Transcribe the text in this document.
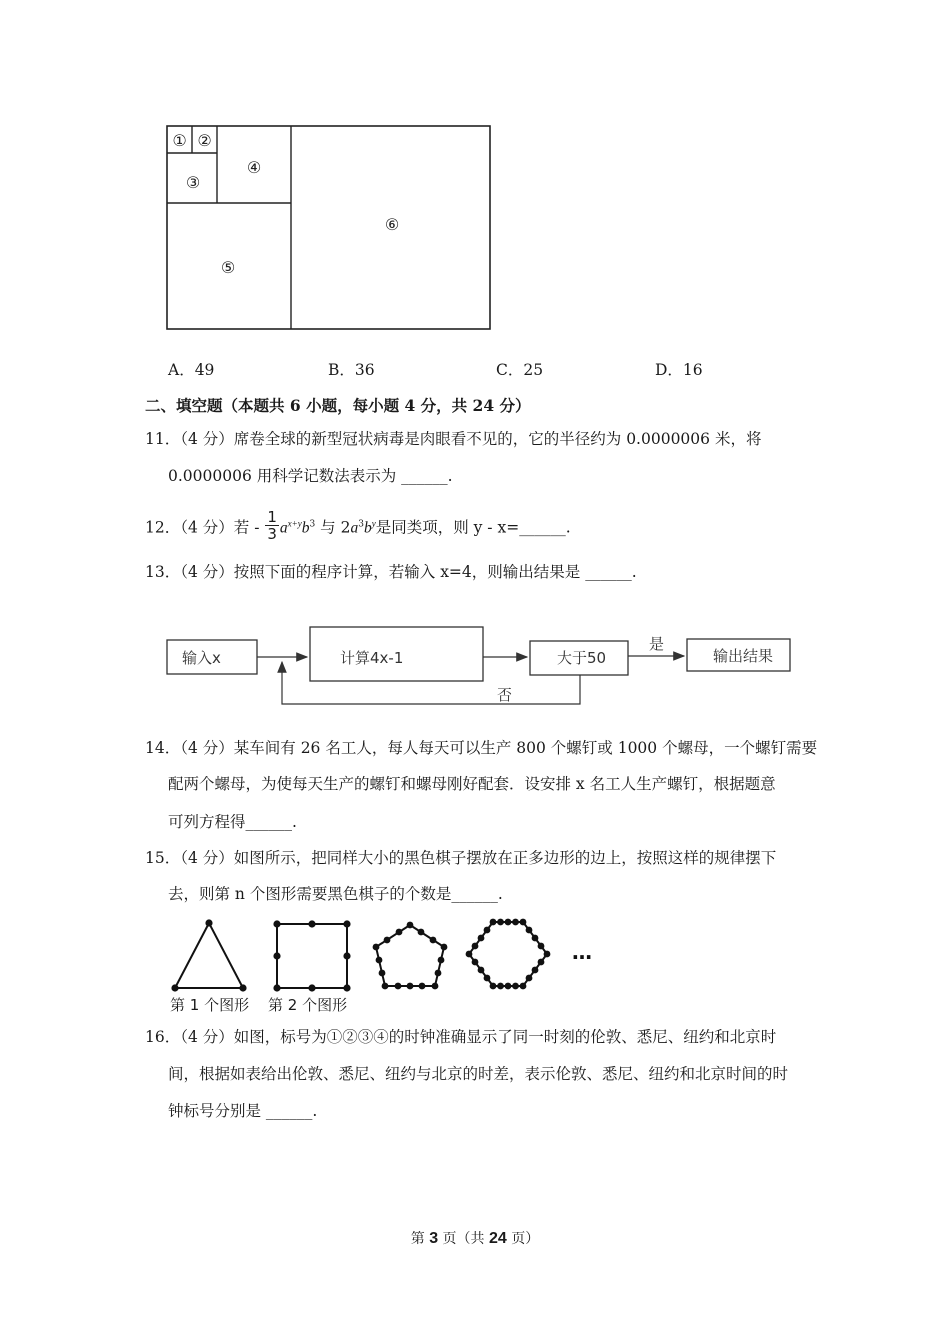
① ②
③
④
⑤
⑥
A．49	B．36	C．25	D．16
二、填空题（本题共 6 小题，每小题 4 分，共 24 分）
11．（4 分）席卷全球的新型冠状病毒是肉眼看不见的，它的半径约为 0.0000006 米，将
0.0000006 用科学记数法表示为 ______.
12．（4 分）若 - $\frac{1}{3} a^{x+y}b^3$ 与 $2a^3b^y$是同类项，则 y - x=______.
13．（4 分）按照下面的程序计算，若输入 x=4，则输出结果是 ______.
输入x	计算4x-1	大于50
是
输出结果
否
14．（4 分）某车间有 26 名工人，每人每天可以生产 800 个螺钉或 1000 个螺母，一个螺钉需要
配两个螺母，为使每天生产的螺钉和螺母刚好配套．设安排 x 名工人生产螺钉，根据题意
可列方程得______.
15．（4 分）如图所示，把同样大小的黑色棋子摆放在正多边形的边上，按照这样的规律摆下
去，则第 n 个图形需要黑色棋子的个数是______.
…
第 1 个图形 第 2 个图形
16．（4 分）如图，标号为①②③④的时钟准确显示了同一时刻的伦敦、悉尼、纽约和北京时
间，根据如表给出伦敦、悉尼、纽约与北京的时差，表示伦敦、悉尼、纽约和北京时间的时
钟标号分别是 ______.
第 3 页（共 24 页）
